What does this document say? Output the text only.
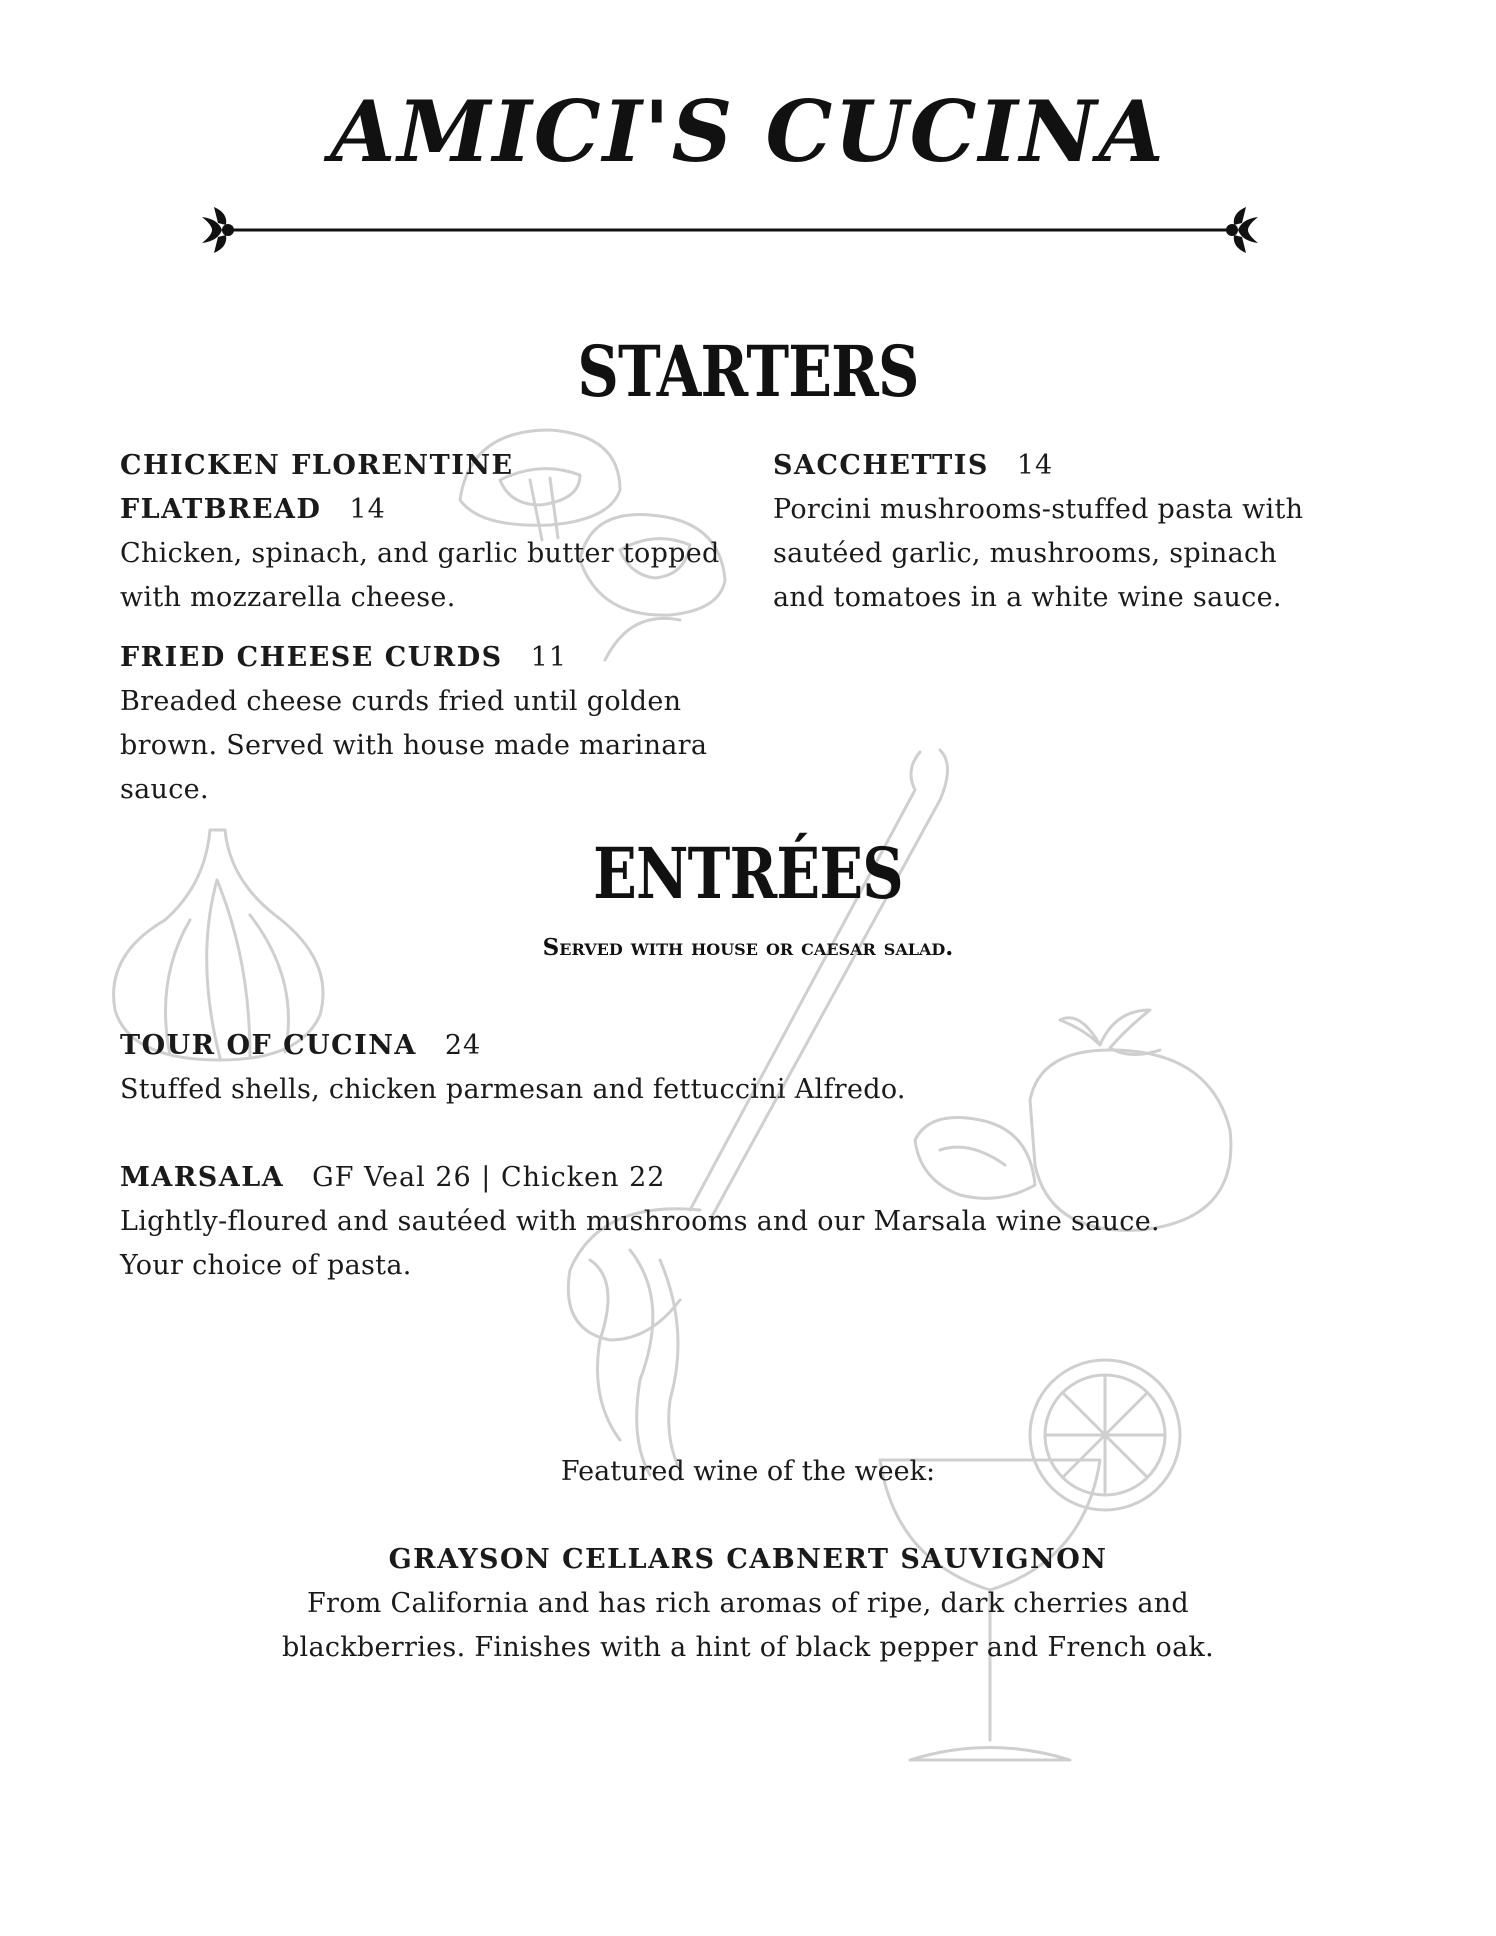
AMICI'S CUCINA
STARTERS
CHICKEN FLORENTINE FLATBREAD 14
Chicken, spinach, and garlic butter topped with mozzarella cheese.
FRIED CHEESE CURDS 11
Breaded cheese curds fried until golden brown. Served with house made marinara sauce.
SACCHETTIS 14
Porcini mushrooms-stuffed pasta with sautéed garlic, mushrooms, spinach and tomatoes in a white wine sauce.
ENTRÉES
Served with house or caesar salad.
TOUR OF CUCINA 24
Stuffed shells, chicken parmesan and fettuccini Alfredo.
MARSALA GF Veal 26 | Chicken 22
Lightly-floured and sautéed with mushrooms and our Marsala wine sauce. Your choice of pasta.
Featured wine of the week:
GRAYSON CELLARS CABNERT SAUVIGNON
From California and has rich aromas of ripe, dark cherries and blackberries. Finishes with a hint of black pepper and French oak.
